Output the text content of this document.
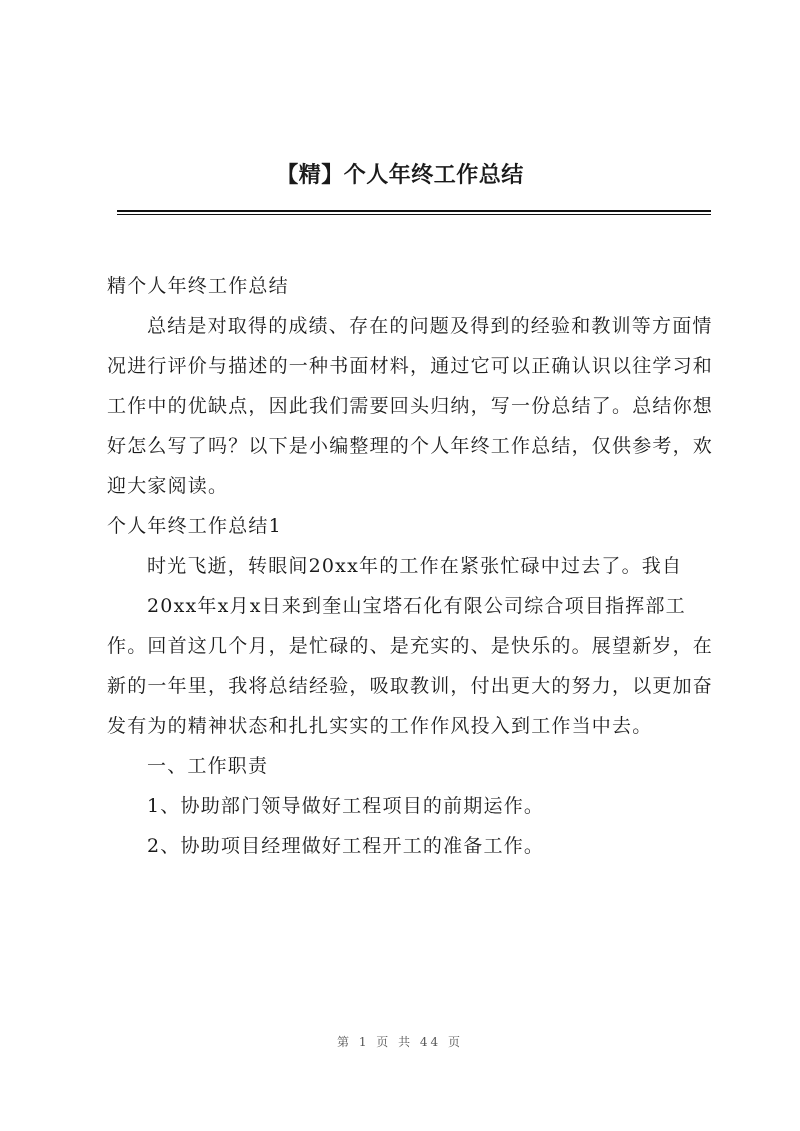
【精】个人年终工作总结

精个人年终工作总结

总结是对取得的成绩、存在的问题及得到的经验和教训等方面情况进行评价与描述的一种书面材料，通过它可以正确认识以往学习和工作中的优缺点，因此我们需要回头归纳，写一份总结了。总结你想好怎么写了吗？以下是小编整理的个人年终工作总结，仅供参考，欢迎大家阅读。

个人年终工作总结1

时光飞逝，转眼间20xx年的工作在紧张忙碌中过去了。我自

20xx年x月x日来到奎山宝塔石化有限公司综合项目指挥部工作。回首这几个月，是忙碌的、是充实的、是快乐的。展望新岁，在新的一年里，我将总结经验，吸取教训，付出更大的努力，以更加奋发有为的精神状态和扎扎实实的工作作风投入到工作当中去。

一、工作职责

1、协助部门领导做好工程项目的前期运作。

2、协助项目经理做好工程开工的准备工作。

第 1 页 共 44 页
